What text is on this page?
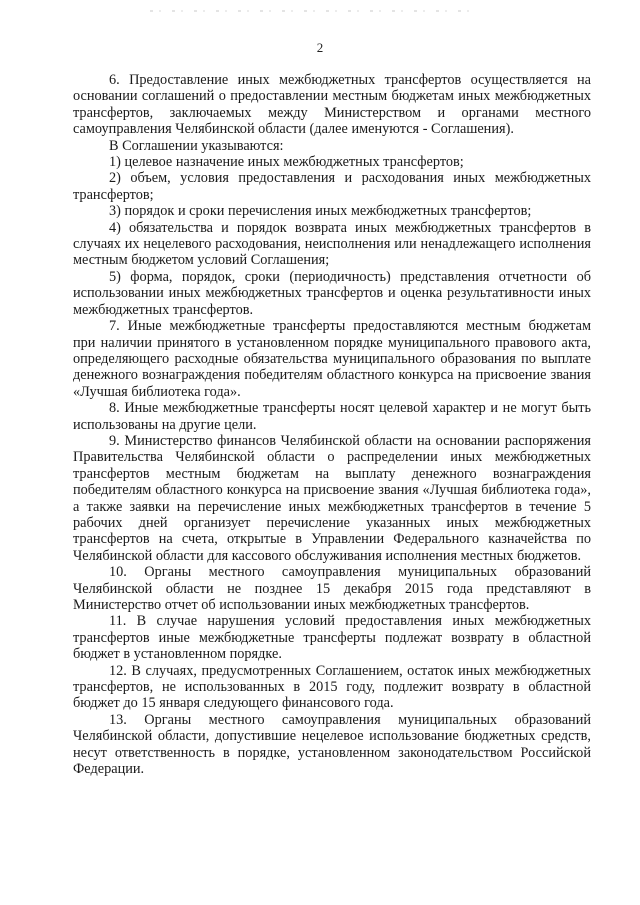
2

6. Предоставление иных межбюджетных трансфертов осуществляется на основании соглашений о предоставлении местным бюджетам иных межбюджетных трансфертов, заключаемых между Министерством и органами местного самоуправления Челябинской области (далее именуются - Соглашения).

В Соглашении указываются:

1) целевое назначение иных межбюджетных трансфертов;

2) объем, условия предоставления и расходования иных межбюджетных трансфертов;

3) порядок и сроки перечисления иных межбюджетных трансфертов;

4) обязательства и порядок возврата иных межбюджетных трансфертов в случаях их нецелевого расходования, неисполнения или ненадлежащего исполнения местным бюджетом условий Соглашения;

5) форма, порядок, сроки (периодичность) представления отчетности об использовании иных межбюджетных трансфертов и оценка результативности иных межбюджетных трансфертов.

7. Иные межбюджетные трансферты предоставляются местным бюджетам при наличии принятого в установленном порядке муниципального правового акта, определяющего расходные обязательства муниципального образования по выплате денежного вознаграждения победителям областного конкурса на присвоение звания «Лучшая библиотека года».

8. Иные межбюджетные трансферты носят целевой характер и не могут быть использованы на другие цели.

9. Министерство финансов Челябинской области на основании распоряжения Правительства Челябинской области о распределении иных межбюджетных трансфертов местным бюджетам на выплату денежного вознаграждения победителям областного конкурса на присвоение звания «Лучшая библиотека года», а также заявки на перечисление иных межбюджетных трансфертов в течение 5 рабочих дней организует перечисление указанных иных межбюджетных трансфертов на счета, открытые в Управлении Федерального казначейства по Челябинской области для кассового обслуживания исполнения местных бюджетов.

10. Органы местного самоуправления муниципальных образований Челябинской области не позднее 15 декабря 2015 года представляют в Министерство отчет об использовании иных межбюджетных трансфертов.

11. В случае нарушения условий предоставления иных межбюджетных трансфертов иные межбюджетные трансферты подлежат возврату в областной бюджет в установленном порядке.

12. В случаях, предусмотренных Соглашением, остаток иных межбюджетных трансфертов, не использованных в 2015 году, подлежит возврату в областной бюджет до 15 января следующего финансового года.

13. Органы местного самоуправления муниципальных образований Челябинской области, допустившие нецелевое использование бюджетных средств, несут ответственность в порядке, установленном законодательством Российской Федерации.
